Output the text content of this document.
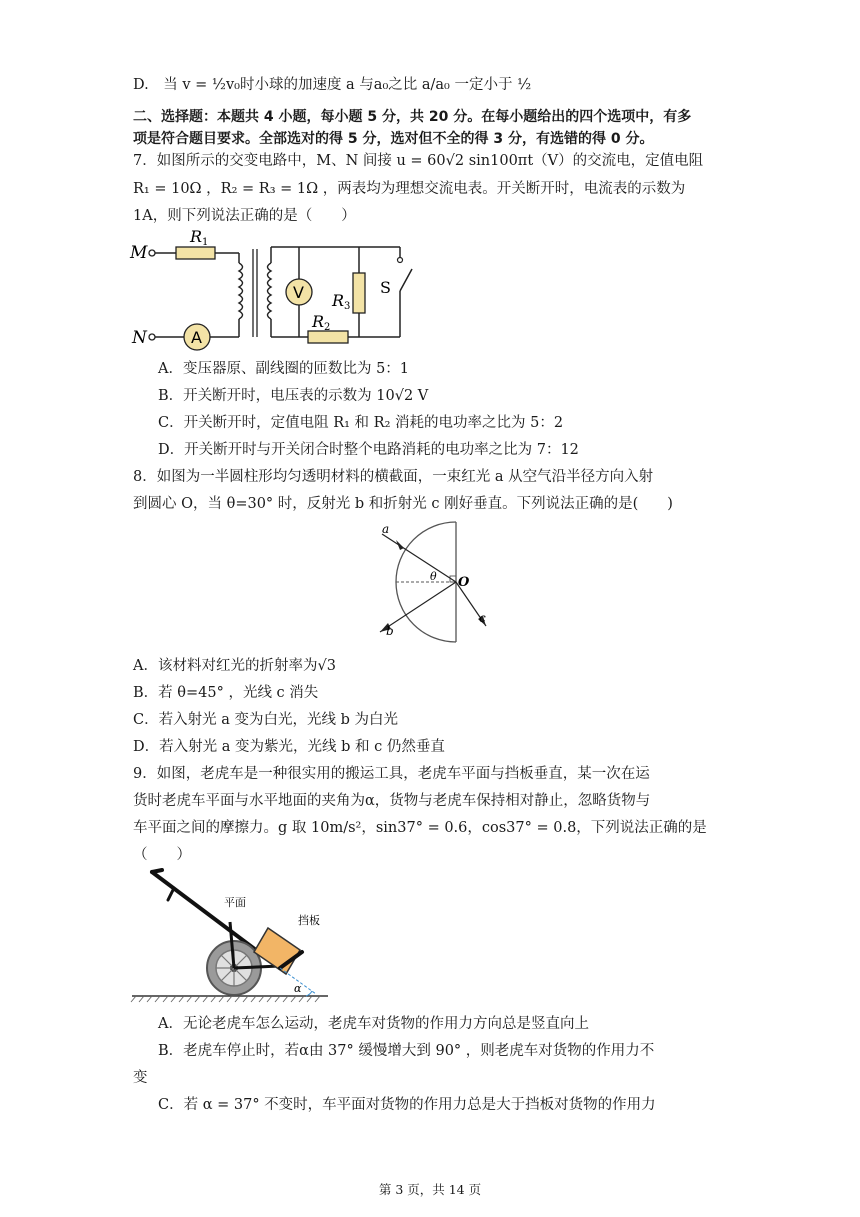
D.　当 v = ½v₀时小球的加速度 a 与a₀之比 a/a₀ 一定小于 ½
二、选择题：本题共 4 小题，每小题 5 分，共 20 分。在每小题给出的四个选项中，有多
项是符合题目要求。全部选对的得 5 分，选对但不全的得 3 分，有选错的得 0 分。
7．如图所示的交变电路中，M、N 间接 u = 60√2 sin100πt（V）的交流电，定值电阻
R₁ = 10Ω ，R₂ = R₃ = 1Ω ，两表均为理想交流电表。开关断开时，电流表的示数为
1A，则下列说法正确的是（　　）
M
R 1
A
N
R 2
V R 3
S
A．变压器原、副线圈的匝数比为 5：1
B．开关断开时，电压表的示数为 10√2 V
C．开关断开时，定值电阻 R₁ 和 R₂ 消耗的电功率之比为 5：2
D．开关断开时与开关闭合时整个电路消耗的电功率之比为 7：12
8．如图为一半圆柱形均匀透明材料的横截面，一束红光 a 从空气沿半径方向入射
到圆心 O，当 θ=30° 时，反射光 b 和折射光 c 刚好垂直。下列说法正确的是(　　)
a
b
c
θ O
A．该材料对红光的折射率为√3
B．若 θ=45° ，光线 c 消失
C．若入射光 a 变为白光，光线 b 为白光
D．若入射光 a 变为紫光，光线 b 和 c 仍然垂直
9．如图，老虎车是一种很实用的搬运工具，老虎车平面与挡板垂直，某一次在运
货时老虎车平面与水平地面的夹角为α，货物与老虎车保持相对静止，忽略货物与
车平面之间的摩擦力。g 取 10m/s²，sin37° = 0.6，cos37° = 0.8，下列说法正确的是
（　　）
α
平面
挡板
A．无论老虎车怎么运动，老虎车对货物的作用力方向总是竖直向上
B．老虎车停止时，若α由 37° 缓慢增大到 90° ，则老虎车对货物的作用力不
变
C．若 α = 37° 不变时，车平面对货物的作用力总是大于挡板对货物的作用力
第 3 页，共 14 页
